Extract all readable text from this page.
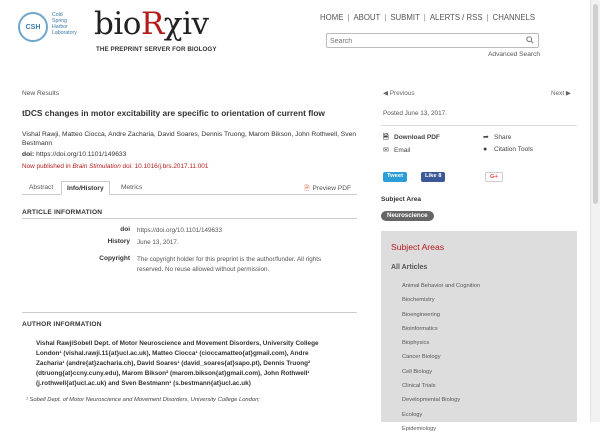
CSH
Cold
Spring
Harbor
Laboratory bioRχiv
THE PREPRINT SERVER FOR BIOLOGY
HOME | ABOUT | SUBMIT | ALERTS / RSS | CHANNELS
Search
Advanced Search
New Results
tDCS changes in motor excitability are specific to orientation of current flow
Vishal Rawji, Matteo Ciocca, Andre Zacharia, David Soares, Dennis Truong, Marom Bikson, John Rothwell, Sven Bestmann
doi: https://doi.org/10.1101/149633
Now published in Brain Stimulation doi: 10.1016/j.brs.2017.11.001
Abstract	Info/History	Metrics	🗎 Preview PDF
ARTICLE INFORMATION
doi https://doi.org/10.1101/149633
History June 13, 2017.
Copyright The copyright holder for this preprint is the author/funder. All rights
reserved. No reuse allowed without permission.
AUTHOR INFORMATION
Vishal RawjiSobell Dept. of Motor Neuroscience and Movement Disorders, University College
London¹ (vishal.rawji.11{at}ucl.ac.uk), Matteo Ciocca¹ (cioccamatteo{at}gmail.com), Andre
Zacharia¹ (andre{at}zacharia.ch), David Soares¹ (david_soares{at}sapo.pt), Dennis Truong²
(dtruong{at}ccny.cuny.edu), Marom Bikson² (marom.bikson{at}gmail.com), John Rothwell¹
(j.rothwell{at}ucl.ac.uk) and Sven Bestmann¹ (s.bestmann{at}ucl.ac.uk)
¹ Sobell Dept. of Motor Neuroscience and Movement Disorders, University College London;
◀ Previous	Next ▶
Posted June 13, 2017.
🗎 Download PDF	➦ Share
✉ Email	● Citation Tools
Tweet	Like 8	G+
Subject Area
Neuroscience
Subject Areas
All Articles
Animal Behavior and Cognition
Biochemistry
Bioengineering
Bioinformatics
Biophysics
Cancer Biology
Cell Biology
Clinical Trials
Developmental Biology
Ecology
Epidemiology
